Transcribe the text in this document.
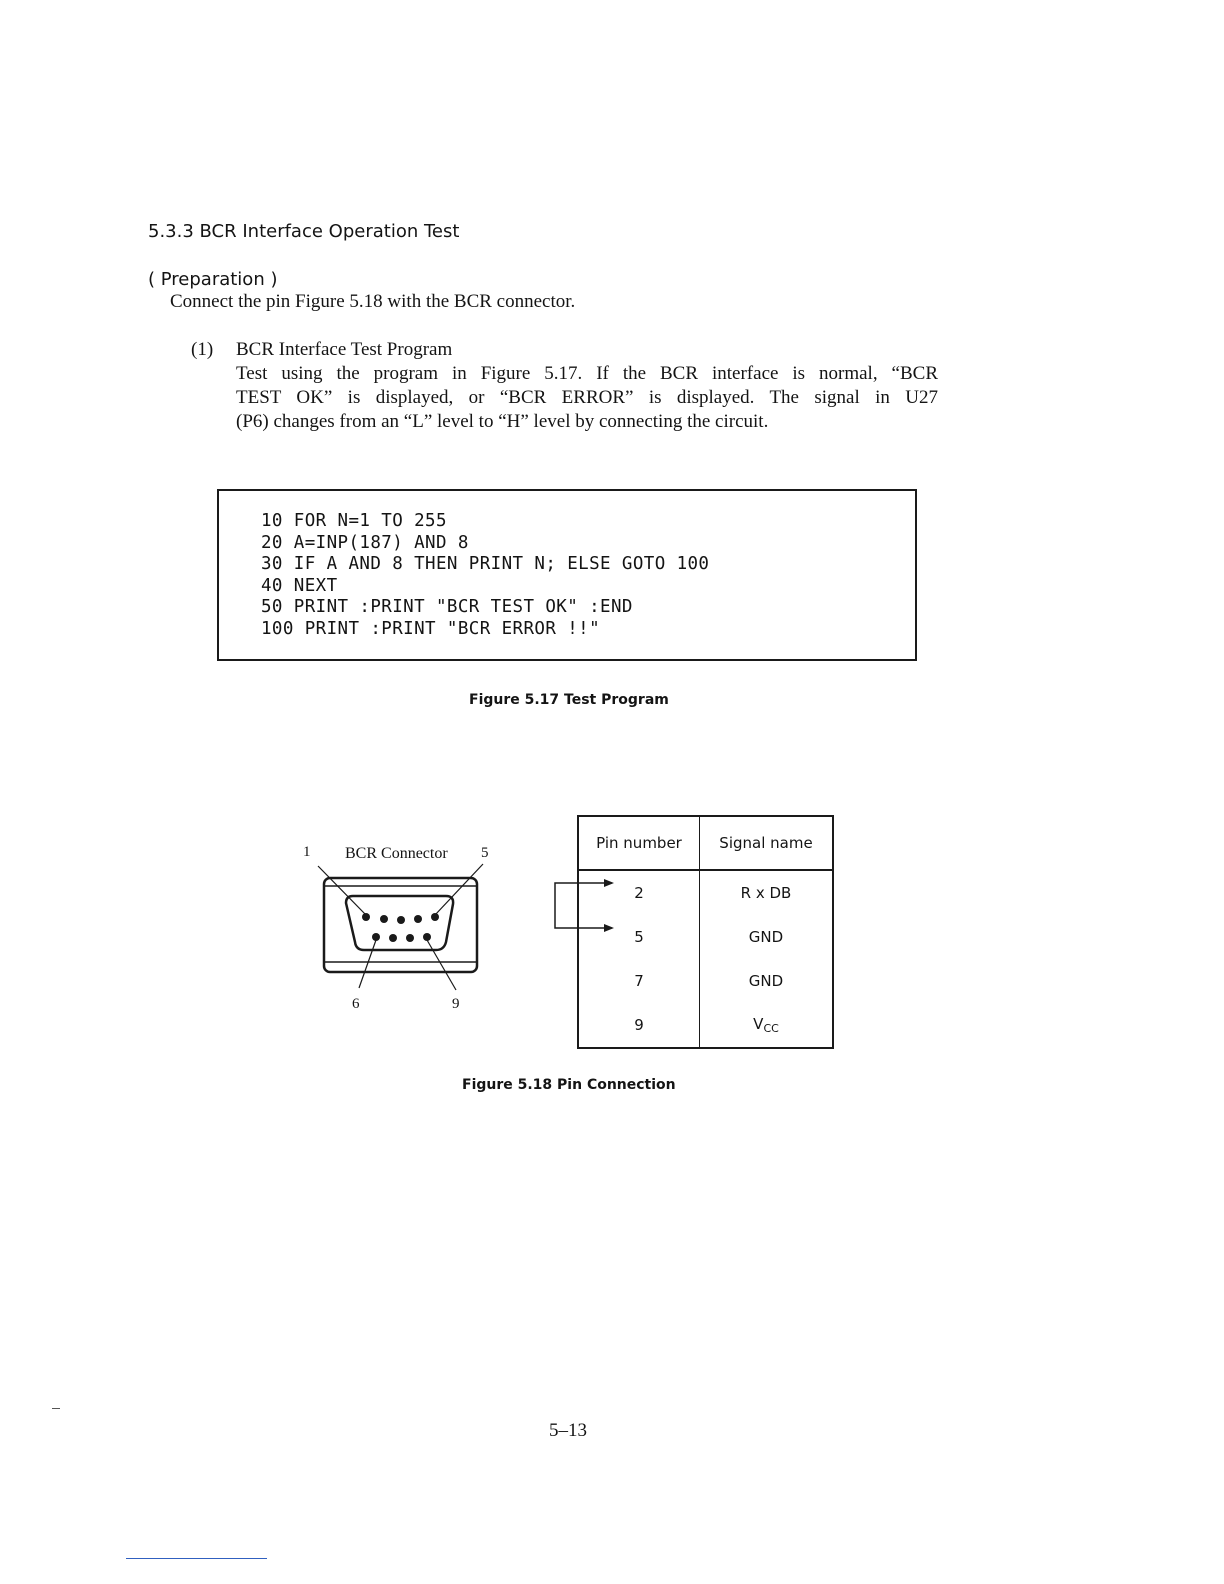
5.3.3 BCR Interface Operation Test

( Preparation )

Connect the pin Figure 5.18 with the BCR connector.

(1) BCR Interface Test Program

Test using the program in Figure 5.17. If the BCR interface is normal, “BCR
TEST OK” is displayed, or “BCR ERROR” is displayed. The signal in U27
(P6) changes from an “L” level to “H” level by connecting the circuit.
10 FOR N=1 TO 255
20 A=INP(187) AND 8
30 IF A AND 8 THEN PRINT N; ELSE GOTO 100
40 NEXT
50 PRINT :PRINT "BCR TEST OK" :END
100 PRINT :PRINT "BCR ERROR !!"

Figure 5.17 Test Program

BCR Connector

1	5

6	9

Pin number	Signal name
2	R x DB
5	GND
7	GND
9	$V_{CC}$

Figure 5.18 Pin Connection

5–13
